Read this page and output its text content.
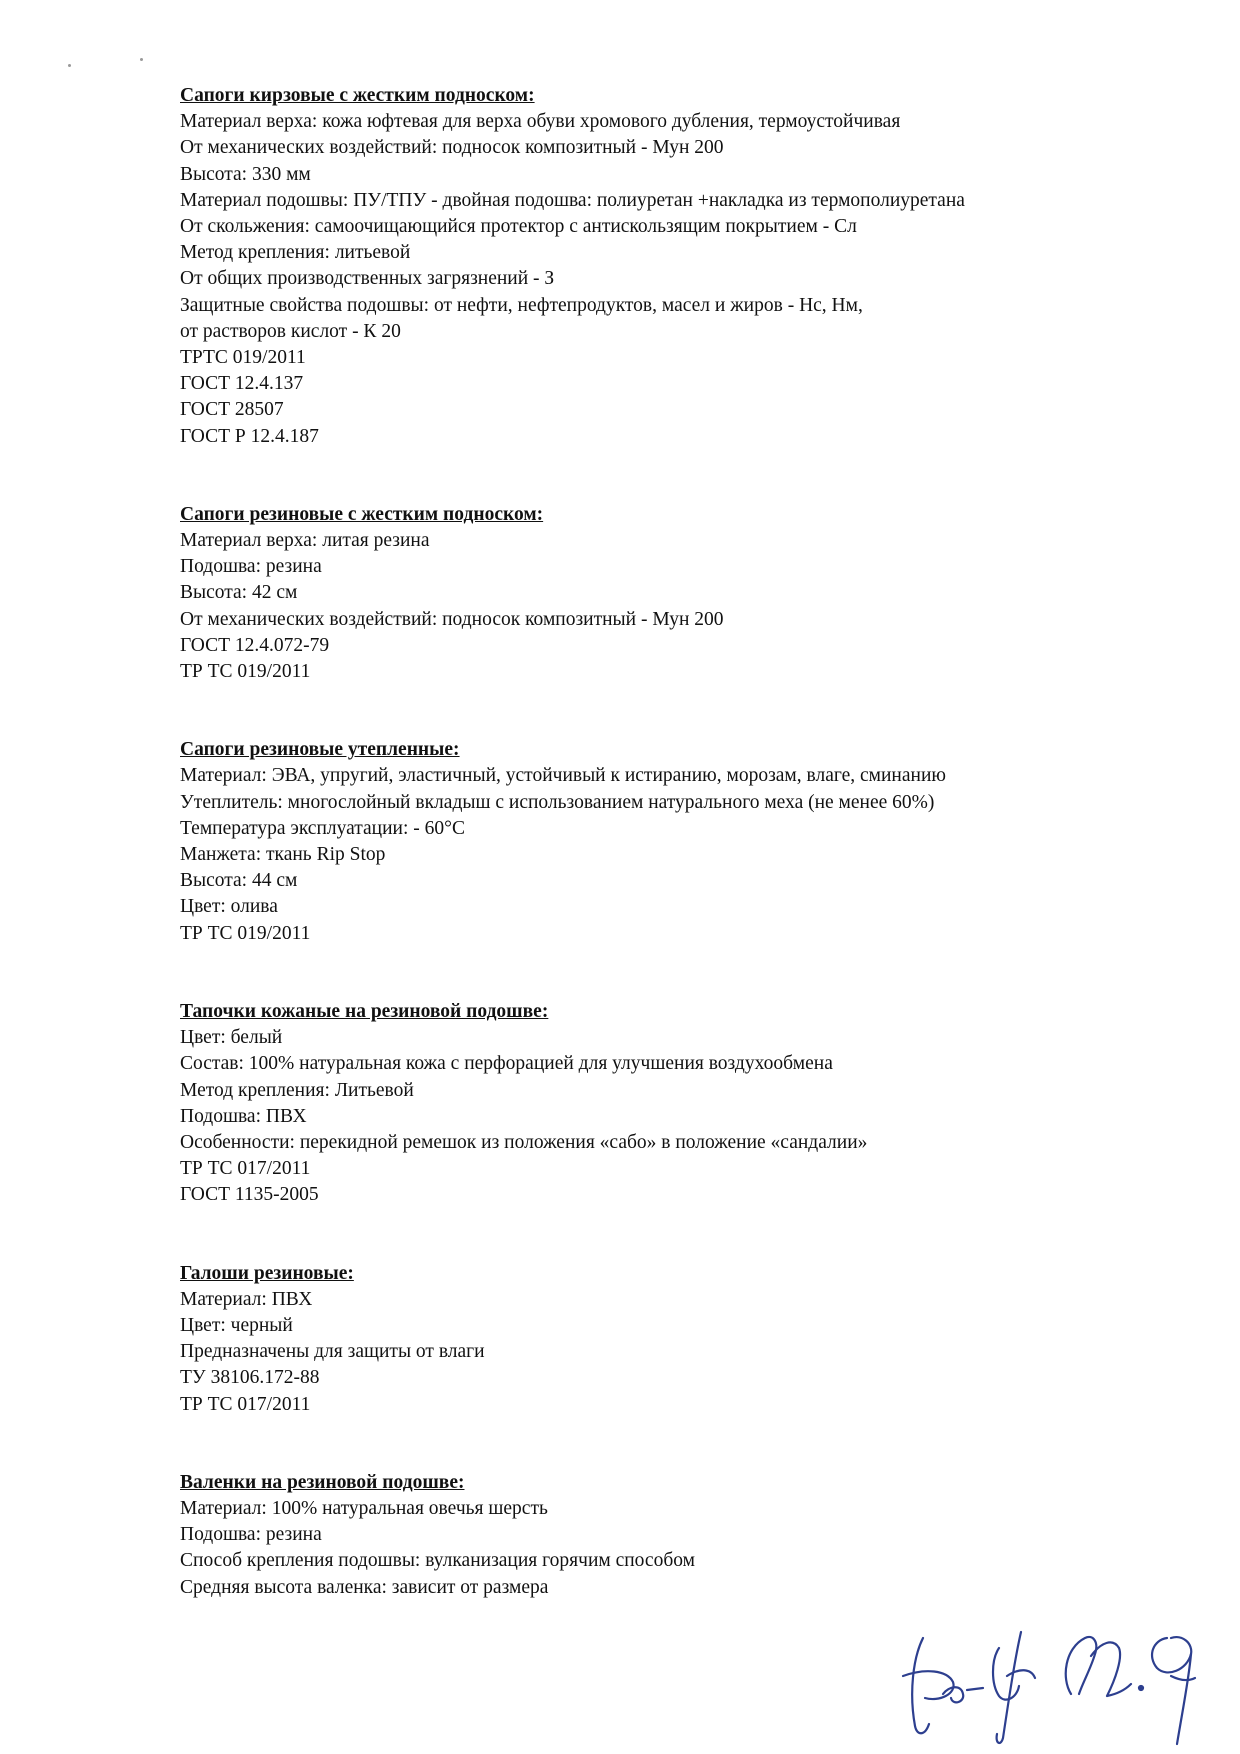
Сапоги кирзовые с жестким подноском:

Материал верха: кожа юфтевая для верха обуви хромового дубления, термоустойчивая

От механических воздействий: подносок композитный - Мун 200

Высота: 330 мм

Материал подошвы: ПУ/ТПУ - двойная подошва: полиуретан +накладка из термополиуретана

От скольжения: самоочищающийся протектор с антискользящим покрытием - Сл

Метод крепления: литьевой

От общих производственных загрязнений - З

Защитные свойства подошвы: от нефти, нефтепродуктов, масел и жиров - Нс, Нм,

от растворов кислот - К 20

ТРТС 019/2011

ГОСТ 12.4.137

ГОСТ 28507

ГОСТ Р 12.4.187

Сапоги резиновые с жестким подноском:

Материал верха: литая резина

Подошва: резина

Высота: 42 см

От механических воздействий: подносок композитный - Мун 200

ГОСТ 12.4.072-79

ТР ТС 019/2011

Сапоги резиновые утепленные:

Материал: ЭВА, упругий, эластичный, устойчивый к истиранию, морозам, влаге, сминанию

Утеплитель: многослойный вкладыш с использованием натурального меха (не менее 60%)

Температура эксплуатации: - 60°С

Манжета: ткань Rip Stop

Высота: 44 см

Цвет: олива

ТР ТС 019/2011

Тапочки кожаные на резиновой подошве:

Цвет: белый

Состав: 100% натуральная кожа с перфорацией для улучшения воздухообмена

Метод крепления: Литьевой

Подошва: ПВХ

Особенности: перекидной ремешок из положения «сабо» в положение «сандалии»

ТР ТС 017/2011

ГОСТ 1135-2005

Галоши резиновые:

Материал: ПВХ

Цвет: черный

Предназначены для защиты от влаги

ТУ 38106.172-88

ТР ТС 017/2011

Валенки на резиновой подошве:

Материал: 100% натуральная овечья шерсть

Подошва: резина

Способ крепления подошвы: вулканизация горячим способом

Средняя высота валенка: зависит от размера
